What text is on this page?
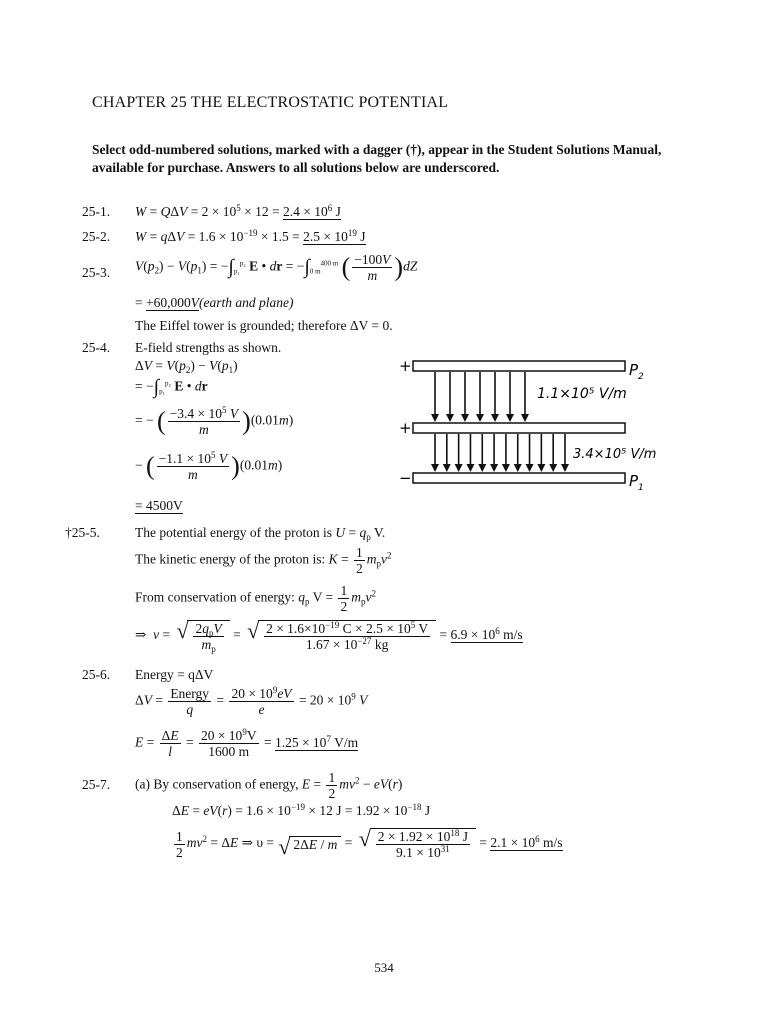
CHAPTER 25 THE ELECTROSTATIC POTENTIAL
Select odd-numbered solutions, marked with a dagger (†), appear in the Student Solutions Manual, available for purchase. Answers to all solutions below are underscored.
25-1. $W = Q\Delta V = 2 \times 10^5 \times 12 = 2.4 \times 10^6$ J
25-2. $W = q\Delta V = 1.6 \times 10^{-19} \times 1.5 = 2.5 \times 10^{19}$ J
25-3. $V(p_2) - V(p_1) = -\int_{p_1}^{p_2}$ E • dr = $-\int_{0 m}^{400 m}$ ( $\frac{-100V}{m} )dZ$
= +60,000V(earth and plane)
The Eiffel tower is grounded; therefore ΔV = 0.
25-4. E-field strengths as shown.
$\Delta V = V(p_2) - V(p_1)$
= $-\int_{p_1}^{p_2}$ E • dr
= − ( $\frac{-3.4 \times 10^5 V}{m} )(0.01m)$
− ( $\frac{-1.1 \times 10^5 V}{m} )(0.01m)$
= 4500V
+
+
−
$P_2$
$P_1$
1.1×10⁵ V/m
3.4×10⁵ V/m
†25-5.	The potential energy of the proton is $U = q_p$ V.
The kinetic energy of the proton is: $K = \frac{1}{2} m_pv^2$
From conservation of energy: $q_p$ $V = \frac{1}{2} m_pv^2$
⇒  v = √ $\frac{2q_pV}{m_p}$ = √ $\frac{2 \times 1.6\times 10^{-19} C \times 2.5 \times 10^5 V}{1.67 \times 10^{-27} kg} = 6.9 \times 10^6$ m/s
25-6. Energy = qΔV
$\Delta V = \frac{\text{Energy}}{q} = \frac{20 \times 10^9eV}{e} = 20 \times 10^9$ V
$E = \frac{\Delta E}{l} = \frac{20 \times 10^9V}{1600 m} = 1.25 \times 10^7$ V/m
25-7. (a) By conservation of energy, $E = \frac{1}{2} mv^2 - eV(r)$
$\Delta E = eV(r) = 1.6 \times 10^{-19} \times 12$ $J = 1.92 \times 10^{-18}$ J
$\frac{1}{2} mv^2 = \Delta E$ ⇒ υ = √ 2ΔE / m = √ $\frac{2 \times 1.92 \times 10^{18} J}{9.1 \times 10^{31}} = 2.1 \times 10^6$ m/s
534
